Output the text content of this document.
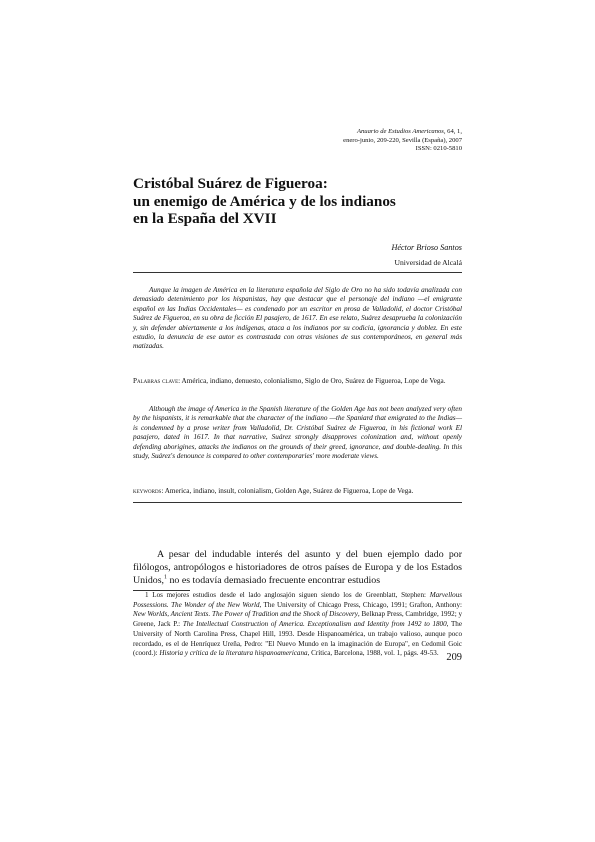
Anuario de Estudios Americanos, 64, 1,
enero-junio, 209-220, Sevilla (España), 2007
ISSN: 0210-5810
Cristóbal Suárez de Figueroa:
un enemigo de América y de los indianos
en la España del XVII
Héctor Brioso Santos
Universidad de Alcalá

Aunque la imagen de América en la literatura española del Siglo de Oro no ha sido todavía analizada con demasiado detenimiento por los hispanistas, hay que destacar que el personaje del indiano —el emigrante español en las Indias Occidentales— es condenado por un escritor en prosa de Valladolid, el doctor Cristóbal Suárez de Figueroa, en su obra de ficción El pasajero, de 1617. En ese relato, Suárez desaprueba la colonización y, sin defender abiertamente a los indígenas, ataca a los indianos por su codicia, ignorancia y doblez. En este estudio, la denuncia de ese autor es contrastada con otras visiones de sus contemporáneos, en general más matizadas.

Palabras clave: América, indiano, denuesto, colonialismo, Siglo de Oro, Suárez de Figueroa, Lope de Vega.

Although the image of America in the Spanish literature of the Golden Age has not been analyzed very often by the hispanists, it is remarkable that the character of the indiano —the Spaniard that emigrated to the Indias— is condemned by a prose writer from Valladolid, Dr. Cristóbal Suárez de Figueroa, in his fictional work El pasajero, dated in 1617. In that narrative, Suárez strongly disapproves colonization and, without openly defending aborigines, attacks the indianos on the grounds of their greed, ignorance, and double-dealing. In this study, Suárez's denounce is compared to other contemporaries' more moderate views.

keywords: America, indiano, insult, colonialism, Golden Age, Suárez de Figueroa, Lope de Vega.

A pesar del indudable interés del asunto y del buen ejemplo dado por filólogos, antropólogos e historiadores de otros países de Europa y de los Estados Unidos,$^1$ no es todavía demasiado frecuente encontrar estudios

1 Los mejores estudios desde el lado anglosajón siguen siendo los de Greenblatt, Stephen: Marvellous Possessions. The Wonder of the New World, The University of Chicago Press, Chicago, 1991; Grafton, Anthony: New Worlds, Ancient Texts. The Power of Tradition and the Shock of Discovery, Belknap Press, Cambridge, 1992; y Greene, Jack P.: The Intellectual Construction of America. Exceptionalism and Identity from 1492 to 1800, The University of North Carolina Press, Chapel Hill, 1993. Desde Hispanoamérica, un trabajo valioso, aunque poco recordado, es el de Henríquez Ureña, Pedro: "El Nuevo Mundo en la imaginación de Europa", en Cedomil Goic (coord.): Historia y crítica de la literatura hispanoamericana, Crítica, Barcelona, 1988, vol. 1, págs. 49-53. 209
